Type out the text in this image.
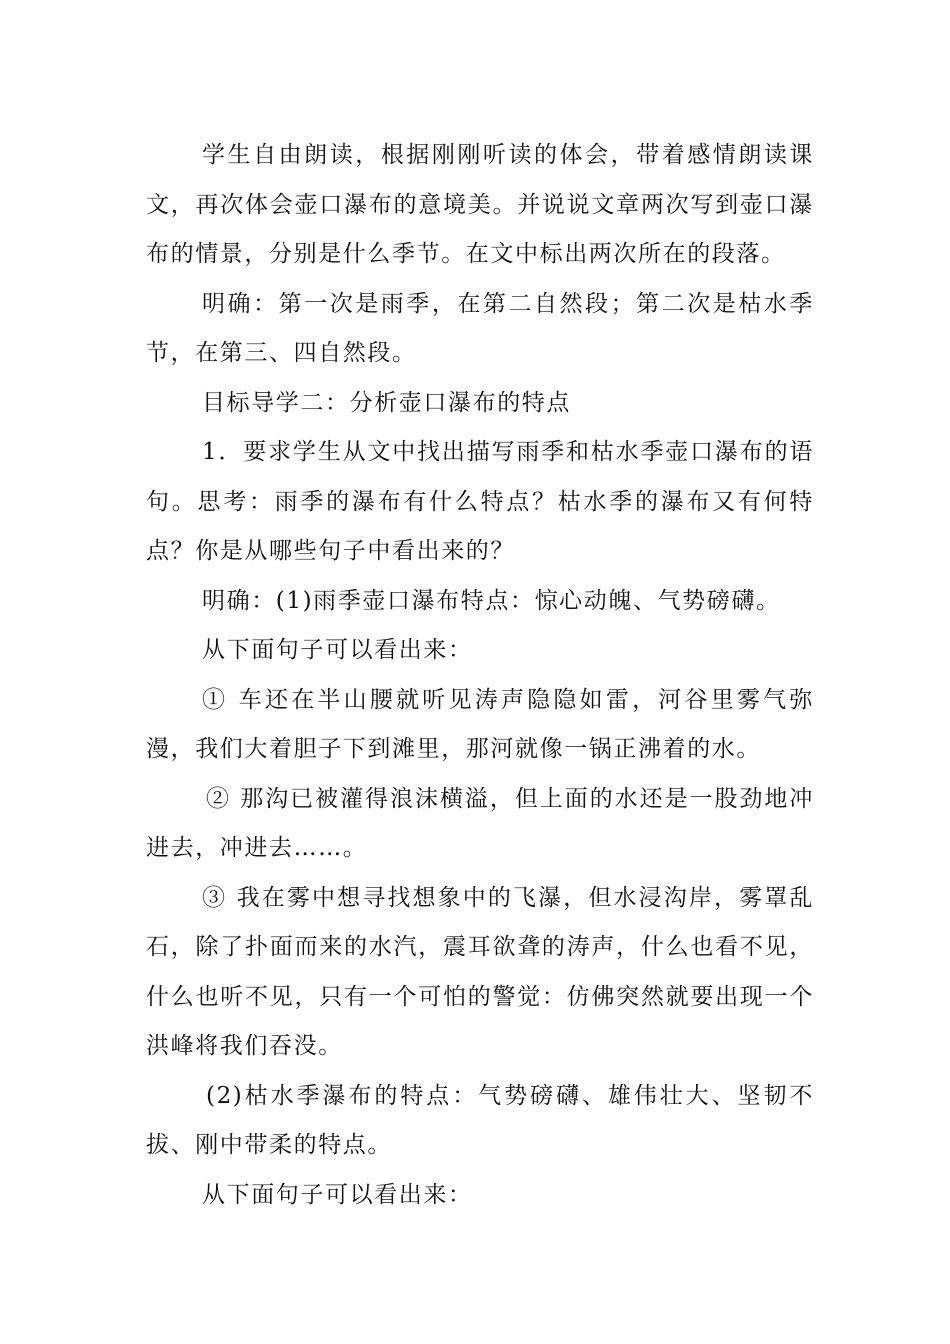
学生自由朗读，根据刚刚听读的体会，带着感情朗读课文，再次体会壶口瀑布的意境美。并说说文章两次写到壶口瀑布的情景，分别是什么季节。在文中标出两次所在的段落。

明确：第一次是雨季，在第二自然段；第二次是枯水季节，在第三、四自然段。

目标导学二：分析壶口瀑布的特点

1．要求学生从文中找出描写雨季和枯水季壶口瀑布的语句。思考：雨季的瀑布有什么特点？枯水季的瀑布又有何特点？你是从哪些句子中看出来的？

明确：(1)雨季壶口瀑布特点：惊心动魄、气势磅礴。

从下面句子可以看出来：

① 车还在半山腰就听见涛声隐隐如雷，河谷里雾气弥漫，我们大着胆子下到滩里，那河就像一锅正沸着的水。

② 那沟已被灌得浪沫横溢，但上面的水还是一股劲地冲进去，冲进去……。

③ 我在雾中想寻找想象中的飞瀑，但水浸沟岸，雾罩乱石，除了扑面而来的水汽，震耳欲聋的涛声，什么也看不见，什么也听不见，只有一个可怕的警觉：仿佛突然就要出现一个洪峰将我们吞没。

(2)枯水季瀑布的特点：气势磅礴、雄伟壮大、坚韧不拔、刚中带柔的特点。

从下面句子可以看出来：
